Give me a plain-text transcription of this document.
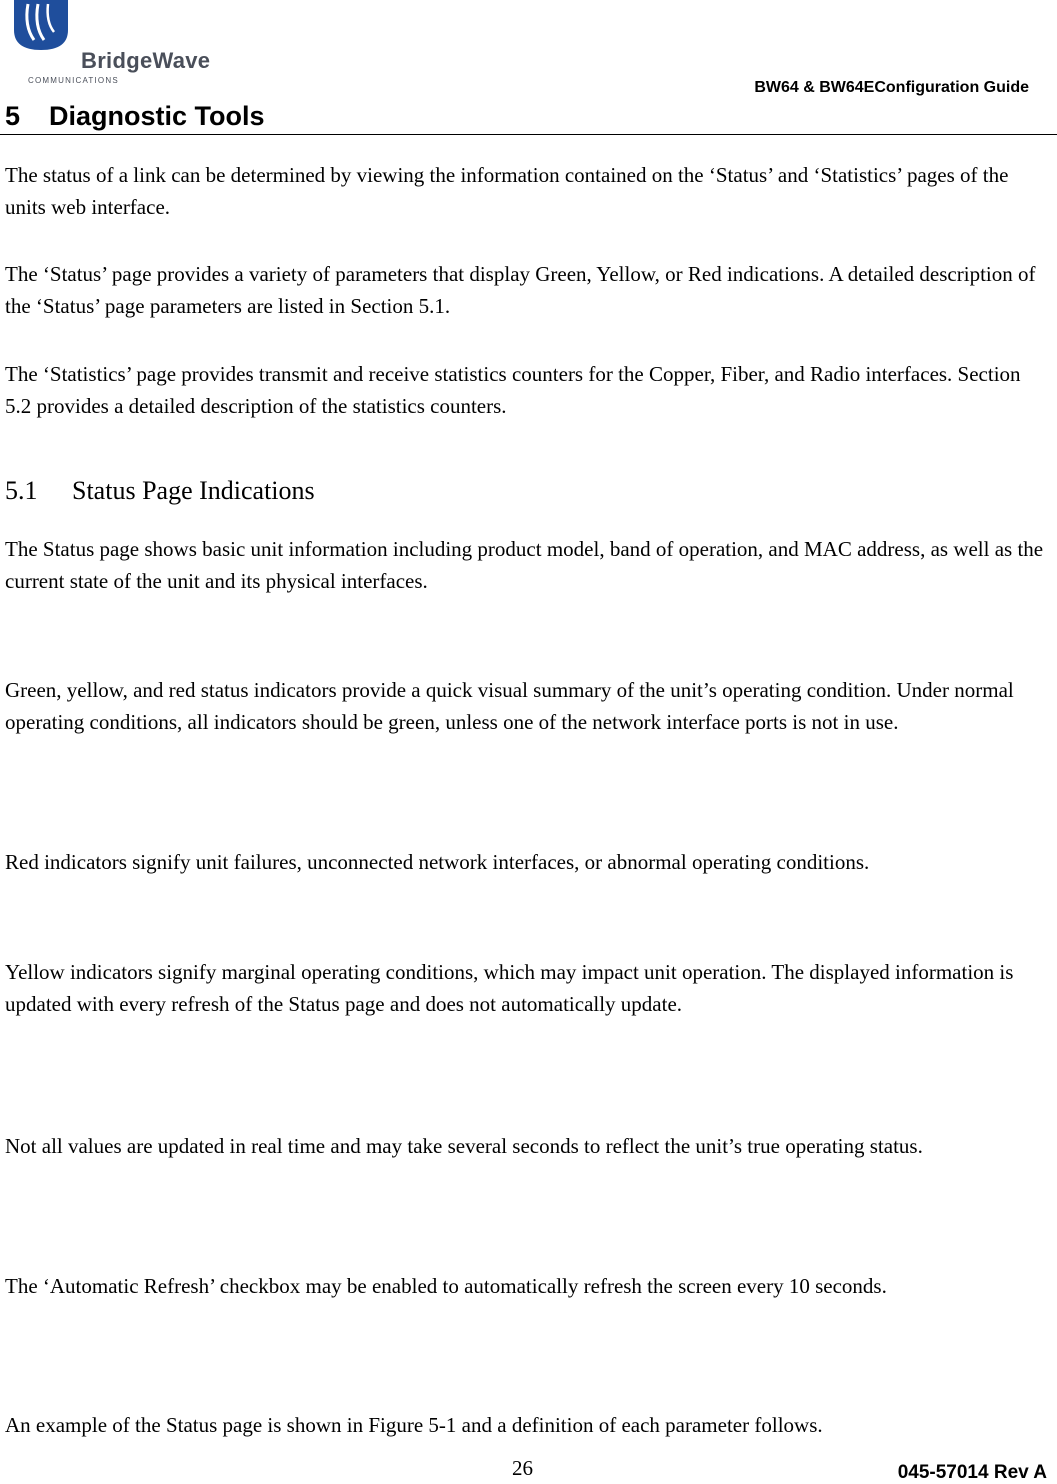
BridgeWave
COMMUNICATIONS	BW64 & BW64EConfiguration Guide
5 Diagnostic Tools

The status of a link can be determined by viewing the information contained on the ‘Status’ and ‘Statistics’ pages of the units web interface.

The ‘Status’ page provides a variety of parameters that display Green, Yellow, or Red indications. A detailed description of the ‘Status’ page parameters are listed in Section 5.1.

The ‘Statistics’ page provides transmit and receive statistics counters for the Copper, Fiber, and Radio interfaces. Section 5.2 provides a detailed description of the statistics counters.

5.1 Status Page Indications

The Status page shows basic unit information including product model, band of operation, and MAC address, as well as the current state of the unit and its physical interfaces.

Green, yellow, and red status indicators provide a quick visual summary of the unit’s operating condition. Under normal operating conditions, all indicators should be green, unless one of the network interface ports is not in use.

Red indicators signify unit failures, unconnected network interfaces, or abnormal operating conditions.

Yellow indicators signify marginal operating conditions, which may impact unit operation. The displayed information is updated with every refresh of the Status page and does not automatically update.

Not all values are updated in real time and may take several seconds to reflect the unit’s true operating status.

The ‘Automatic Refresh’ checkbox may be enabled to automatically refresh the screen every 10 seconds.

An example of the Status page is shown in Figure 5-1 and a definition of each parameter follows.

26	045-57014 Rev A
